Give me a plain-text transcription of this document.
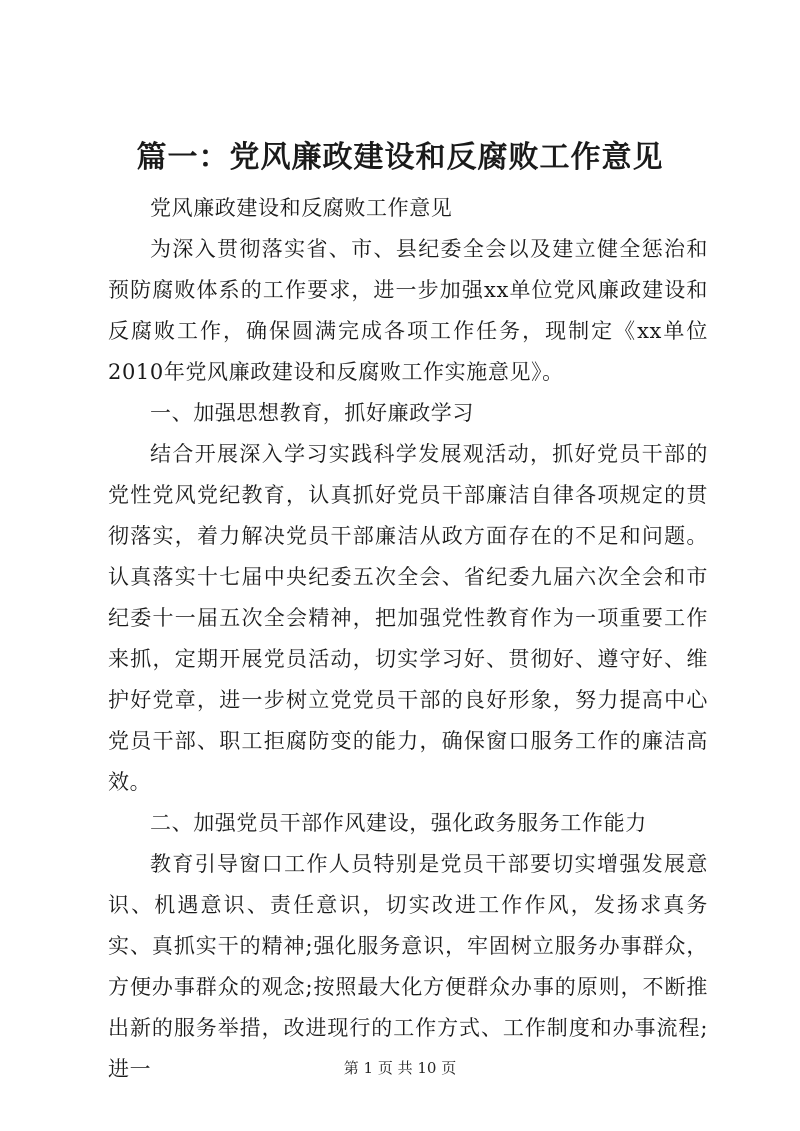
篇一：党风廉政建设和反腐败工作意见

党风廉政建设和反腐败工作意见

为深入贯彻落实省、市、县纪委全会以及建立健全惩治和预防腐败体系的工作要求，进一步加强xx单位党风廉政建设和反腐败工作，确保圆满完成各项工作任务，现制定《xx单位2010年党风廉政建设和反腐败工作实施意见》。

一、加强思想教育，抓好廉政学习

结合开展深入学习实践科学发展观活动，抓好党员干部的党性党风党纪教育，认真抓好党员干部廉洁自律各项规定的贯彻落实，着力解决党员干部廉洁从政方面存在的不足和问题。认真落实十七届中央纪委五次全会、省纪委九届六次全会和市纪委十一届五次全会精神，把加强党性教育作为一项重要工作来抓，定期开展党员活动，切实学习好、贯彻好、遵守好、维护好党章，进一步树立党党员干部的良好形象，努力提高中心党员干部、职工拒腐防变的能力，确保窗口服务工作的廉洁高效。

二、加强党员干部作风建设，强化政务服务工作能力

教育引导窗口工作人员特别是党员干部要切实增强发展意识、机遇意识、责任意识，切实改进工作作风，发扬求真务实、真抓实干的精神;强化服务意识，牢固树立服务办事群众，方便办事群众的观念;按照最大化方便群众办事的原则，不断推出新的服务举措，改进现行的工作方式、工作制度和办事流程;进一	第 1 页 共 10 页
